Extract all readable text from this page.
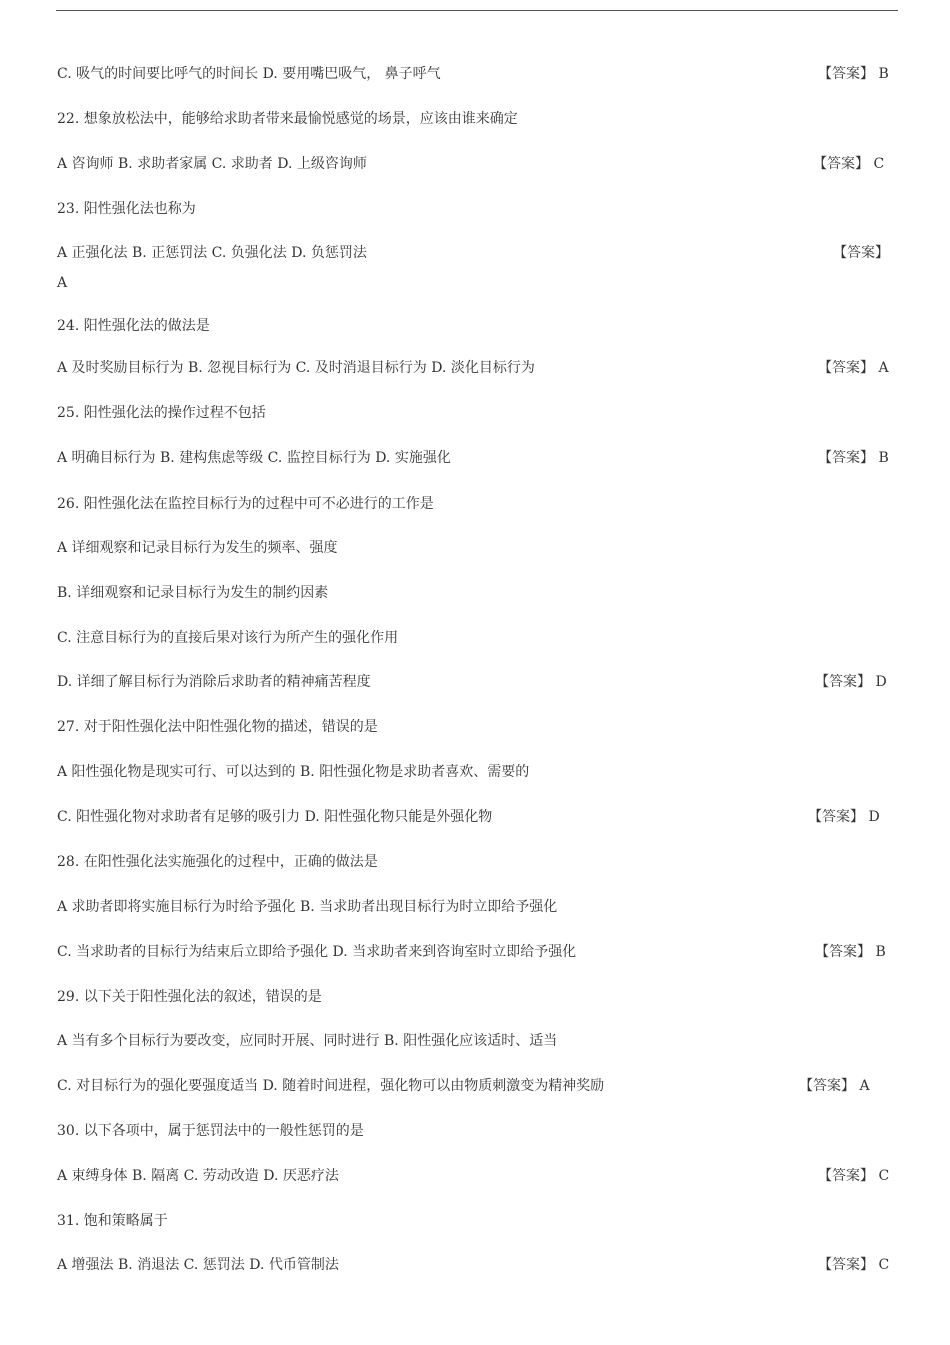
C. 吸气的时间要比呼气的时间长 D. 要用嘴巴吸气， 鼻子呼气	【答案】 B
22. 想象放松法中，能够给求助者带来最愉悦感觉的场景，应该由谁来确定
A 咨询师 B. 求助者家属 C. 求助者 D. 上级咨询师	【答案】 C
23. 阳性强化法也称为
A 正强化法 B. 正惩罚法 C. 负强化法 D. 负惩罚法	【答案】
A
24. 阳性强化法的做法是
A 及时奖励目标行为 B. 忽视目标行为 C. 及时消退目标行为 D. 淡化目标行为	【答案】 A
25. 阳性强化法的操作过程不包括
A 明确目标行为 B. 建构焦虑等级 C. 监控目标行为 D. 实施强化	【答案】 B
26. 阳性强化法在监控目标行为的过程中可不必进行的工作是
A 详细观察和记录目标行为发生的频率、强度
B. 详细观察和记录目标行为发生的制约因素
C. 注意目标行为的直接后果对该行为所产生的强化作用
D. 详细了解目标行为消除后求助者的精神痛苦程度	【答案】 D
27. 对于阳性强化法中阳性强化物的描述，错误的是
A 阳性强化物是现实可行、可以达到的 B. 阳性强化物是求助者喜欢、需要的
C. 阳性强化物对求助者有足够的吸引力 D. 阳性强化物只能是外强化物	【答案】 D
28. 在阳性强化法实施强化的过程中，正确的做法是
A 求助者即将实施目标行为时给予强化 B. 当求助者出现目标行为时立即给予强化
C. 当求助者的目标行为结束后立即给予强化 D. 当求助者来到咨询室时立即给予强化	【答案】 B
29. 以下关于阳性强化法的叙述，错误的是
A 当有多个目标行为要改变，应同时开展、同时进行 B. 阳性强化应该适时、适当
C. 对目标行为的强化要强度适当 D. 随着时间进程，强化物可以由物质刺激变为精神奖励	【答案】 A
30. 以下各项中，属于惩罚法中的一般性惩罚的是
A 束缚身体 B. 隔离 C. 劳动改造 D. 厌恶疗法	【答案】 C
31. 饱和策略属于
A 增强法 B. 消退法 C. 惩罚法 D. 代币管制法	【答案】 C
